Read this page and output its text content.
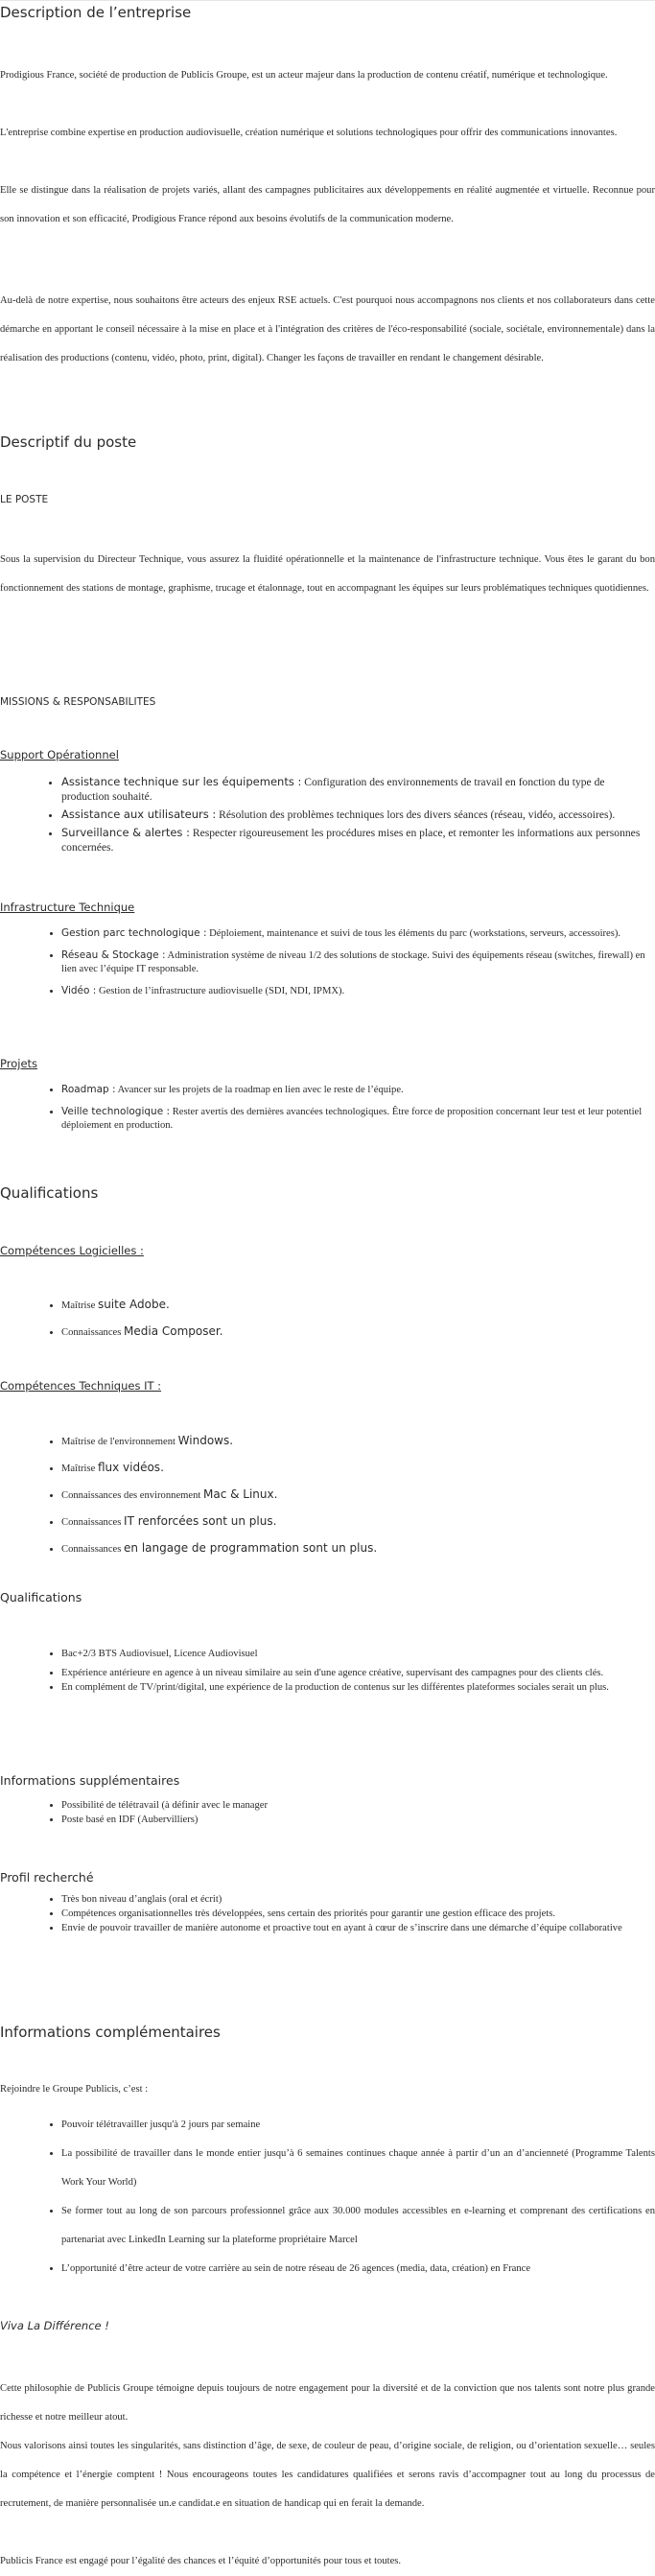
Description de l’entreprise

Prodigious France, société de production de Publicis Groupe, est un acteur majeur dans la production de contenu créatif, numérique et technologique.

L'entreprise combine expertise en production audiovisuelle, création numérique et solutions technologiques pour offrir des communications innovantes.

Elle se distingue dans la réalisation de projets variés, allant des campagnes publicitaires aux développements en réalité augmentée et virtuelle. Reconnue pour son innovation et son efficacité, Prodigious France répond aux besoins évolutifs de la communication moderne.

Au-delà de notre expertise, nous souhaitons être acteurs des enjeux RSE actuels. C'est pourquoi nous accompagnons nos clients et nos collaborateurs dans cette démarche en apportant le conseil nécessaire à la mise en place et à l'intégration des critères de l'éco-responsabilité (sociale, sociétale, environnementale) dans la réalisation des productions (contenu, vidéo, photo, print, digital). Changer les façons de travailler en rendant le changement désirable.

Descriptif du poste
LE POSTE

Sous la supervision du Directeur Technique, vous assurez la fluidité opérationnelle et la maintenance de l'infrastructure technique. Vous êtes le garant du bon fonctionnement des stations de montage, graphisme, trucage et étalonnage, tout en accompagnant les équipes sur leurs problématiques techniques quotidiennes.

MISSIONS & RESPONSABILITES
Support Opérationnel
• Assistance technique sur les équipements : Configuration des environnements de travail en fonction du type de production souhaité.
• Assistance aux utilisateurs : Résolution des problèmes techniques lors des divers séances (réseau, vidéo, accessoires).
• Surveillance & alertes : Respecter rigoureusement les procédures mises en place, et remonter les informations aux personnes concernées.
Infrastructure Technique
• Gestion parc technologique : Déploiement, maintenance et suivi de tous les éléments du parc (workstations, serveurs, accessoires).
• Réseau & Stockage : Administration système de niveau 1/2 des solutions de stockage. Suivi des équipements réseau (switches, firewall) en lien avec l’équipe IT responsable.
• Vidéo : Gestion de l’infrastructure audiovisuelle (SDI, NDI, IPMX).
Projets
• Roadmap : Avancer sur les projets de la roadmap en lien avec le reste de l’équipe.
• Veille technologique : Rester avertis des dernières avancées technologiques. Être force de proposition concernant leur test et leur potentiel déploiement en production.
Qualifications
Compétences Logicielles :
• Maîtrise suite Adobe.
• Connaissances Media Composer.
Compétences Techniques IT :
• Maîtrise de l'environnement Windows.
• Maîtrise flux vidéos.
• Connaissances des environnement Mac & Linux.
• Connaissances IT renforcées sont un plus.
• Connaissances en langage de programmation sont un plus.
Qualifications
• Bac+2/3 BTS Audiovisuel, Licence Audiovisuel
• Expérience antérieure en agence à un niveau similaire au sein d'une agence créative, supervisant des campagnes pour des clients clés.
• En complément de TV/print/digital, une expérience de la production de contenus sur les différentes plateformes sociales serait un plus.
Informations supplémentaires
• Possibilité de télétravail (à définir avec le manager
• Poste basé en IDF (Aubervilliers)
Profil recherché
• Très bon niveau d’anglais (oral et écrit)
• Compétences organisationnelles très développées, sens certain des priorités pour garantir une gestion efficace des projets.
• Envie de pouvoir travailler de manière autonome et proactive tout en ayant à cœur de s’inscrire dans une démarche d’équipe collaborative
Informations complémentaires

Rejoindre le Groupe Publicis, c’est :

• Pouvoir télétravailler jusqu'à 2 jours par semaine
• La possibilité de travailler dans le monde entier jusqu’à 6 semaines continues chaque année à partir d’un an d’ancienneté (Programme Talents Work Your World)
• Se former tout au long de son parcours professionnel grâce aux 30.000 modules accessibles en e-learning et comprenant des certifications en partenariat avec LinkedIn Learning sur la plateforme propriétaire Marcel
• L’opportunité d’être acteur de votre carrière au sein de notre réseau de 26 agences (media, data, création) en France
Viva La Différence !

Cette philosophie de Publicis Groupe témoigne depuis toujours de notre engagement pour la diversité et de la conviction que nos talents sont notre plus grande richesse et notre meilleur atout.

Nous valorisons ainsi toutes les singularités, sans distinction d’âge, de sexe, de couleur de peau, d’origine sociale, de religion, ou d’orientation sexuelle… seules la compétence et l’énergie comptent ! Nous encourageons toutes les candidatures qualifiées et serons ravis d’accompagner tout au long du processus de recrutement, de manière personnalisée un.e candidat.e en situation de handicap qui en ferait la demande.

Publicis France est engagé pour l’égalité des chances et l’équité d’opportunités pour tous et toutes.
